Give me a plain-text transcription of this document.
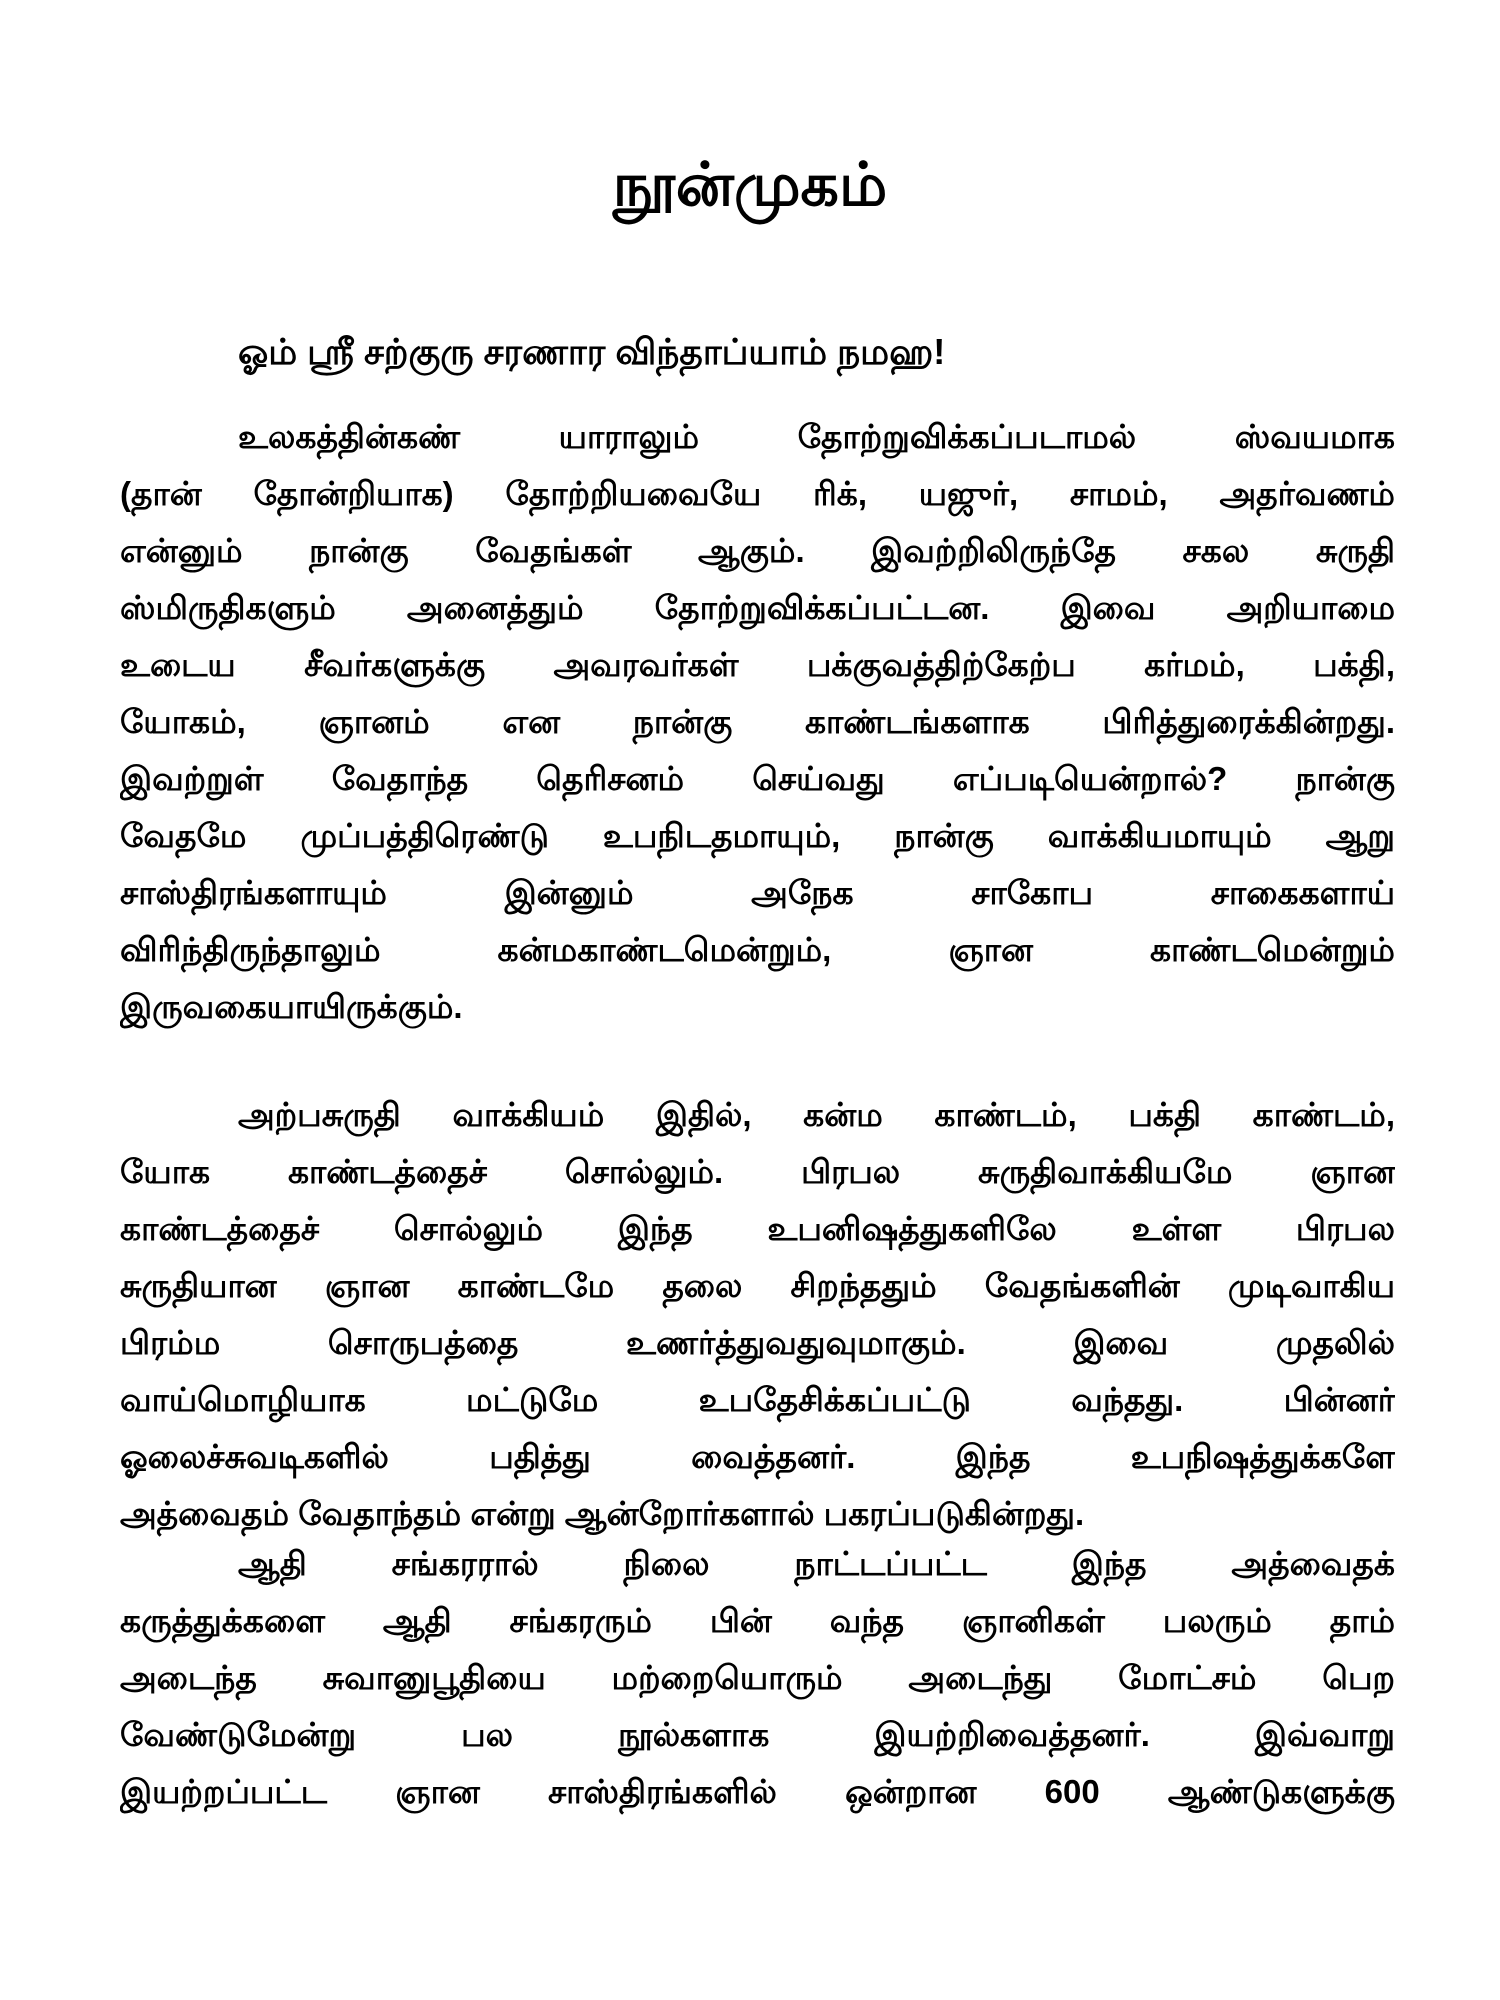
நூன்முகம்
ஓம் ஸ்ரீ சற்குரு சரணார விந்தாப்யாம் நமஹ!
உலகத்தின்கண் யாராலும் தோற்றுவிக்கப்படாமல் ஸ்வயமாக
(தான் தோன்றியாக) தோற்றியவையே ரிக், யஜுர், சாமம், அதர்வணம்
என்னும் நான்கு வேதங்கள் ஆகும். இவற்றிலிருந்தே சகல சுருதி
ஸ்மிருதிகளும் அனைத்தும் தோற்றுவிக்கப்பட்டன. இவை அறியாமை
உடைய சீவர்களுக்கு அவரவர்கள் பக்குவத்திற்கேற்ப கர்மம், பக்தி,
யோகம், ஞானம் என நான்கு காண்டங்களாக பிரித்துரைக்கின்றது.
இவற்றுள் வேதாந்த தெரிசனம் செய்வது எப்படியென்றால்? நான்கு
வேதமே முப்பத்திரெண்டு உபநிடதமாயும், நான்கு வாக்கியமாயும் ஆறு
சாஸ்திரங்களாயும் இன்னும் அநேக சாகோப சாகைகளாய்
விரிந்திருந்தாலும் கன்மகாண்டமென்றும், ஞான காண்டமென்றும்
இருவகையாயிருக்கும்.
அற்பசுருதி வாக்கியம் இதில், கன்ம காண்டம், பக்தி காண்டம்,
யோக காண்டத்தைச் சொல்லும். பிரபல சுருதிவாக்கியமே ஞான
காண்டத்தைச் சொல்லும் இந்த உபனிஷத்துகளிலே உள்ள பிரபல
சுருதியான ஞான காண்டமே தலை சிறந்ததும் வேதங்களின் முடிவாகிய
பிரம்ம சொருபத்தை உணர்த்துவதுவுமாகும். இவை முதலில்
வாய்மொழியாக மட்டுமே உபதேசிக்கப்பட்டு வந்தது. பின்னர்
ஓலைச்சுவடிகளில் பதித்து வைத்தனர். இந்த உபநிஷத்துக்களே
அத்வைதம் வேதாந்தம் என்று ஆன்றோர்களால் பகரப்படுகின்றது.
ஆதி சங்கரரால் நிலை நாட்டப்பட்ட இந்த அத்வைதக்
கருத்துக்களை ஆதி சங்கரரும் பின் வந்த ஞானிகள் பலரும் தாம்
அடைந்த சுவானுபூதியை மற்றையொரும் அடைந்து மோட்சம் பெற
வேண்டுமேன்று பல நூல்களாக இயற்றிவைத்தனர். இவ்வாறு
இயற்றப்பட்ட ஞான சாஸ்திரங்களில் ஒன்றான 600 ஆண்டுகளுக்கு
